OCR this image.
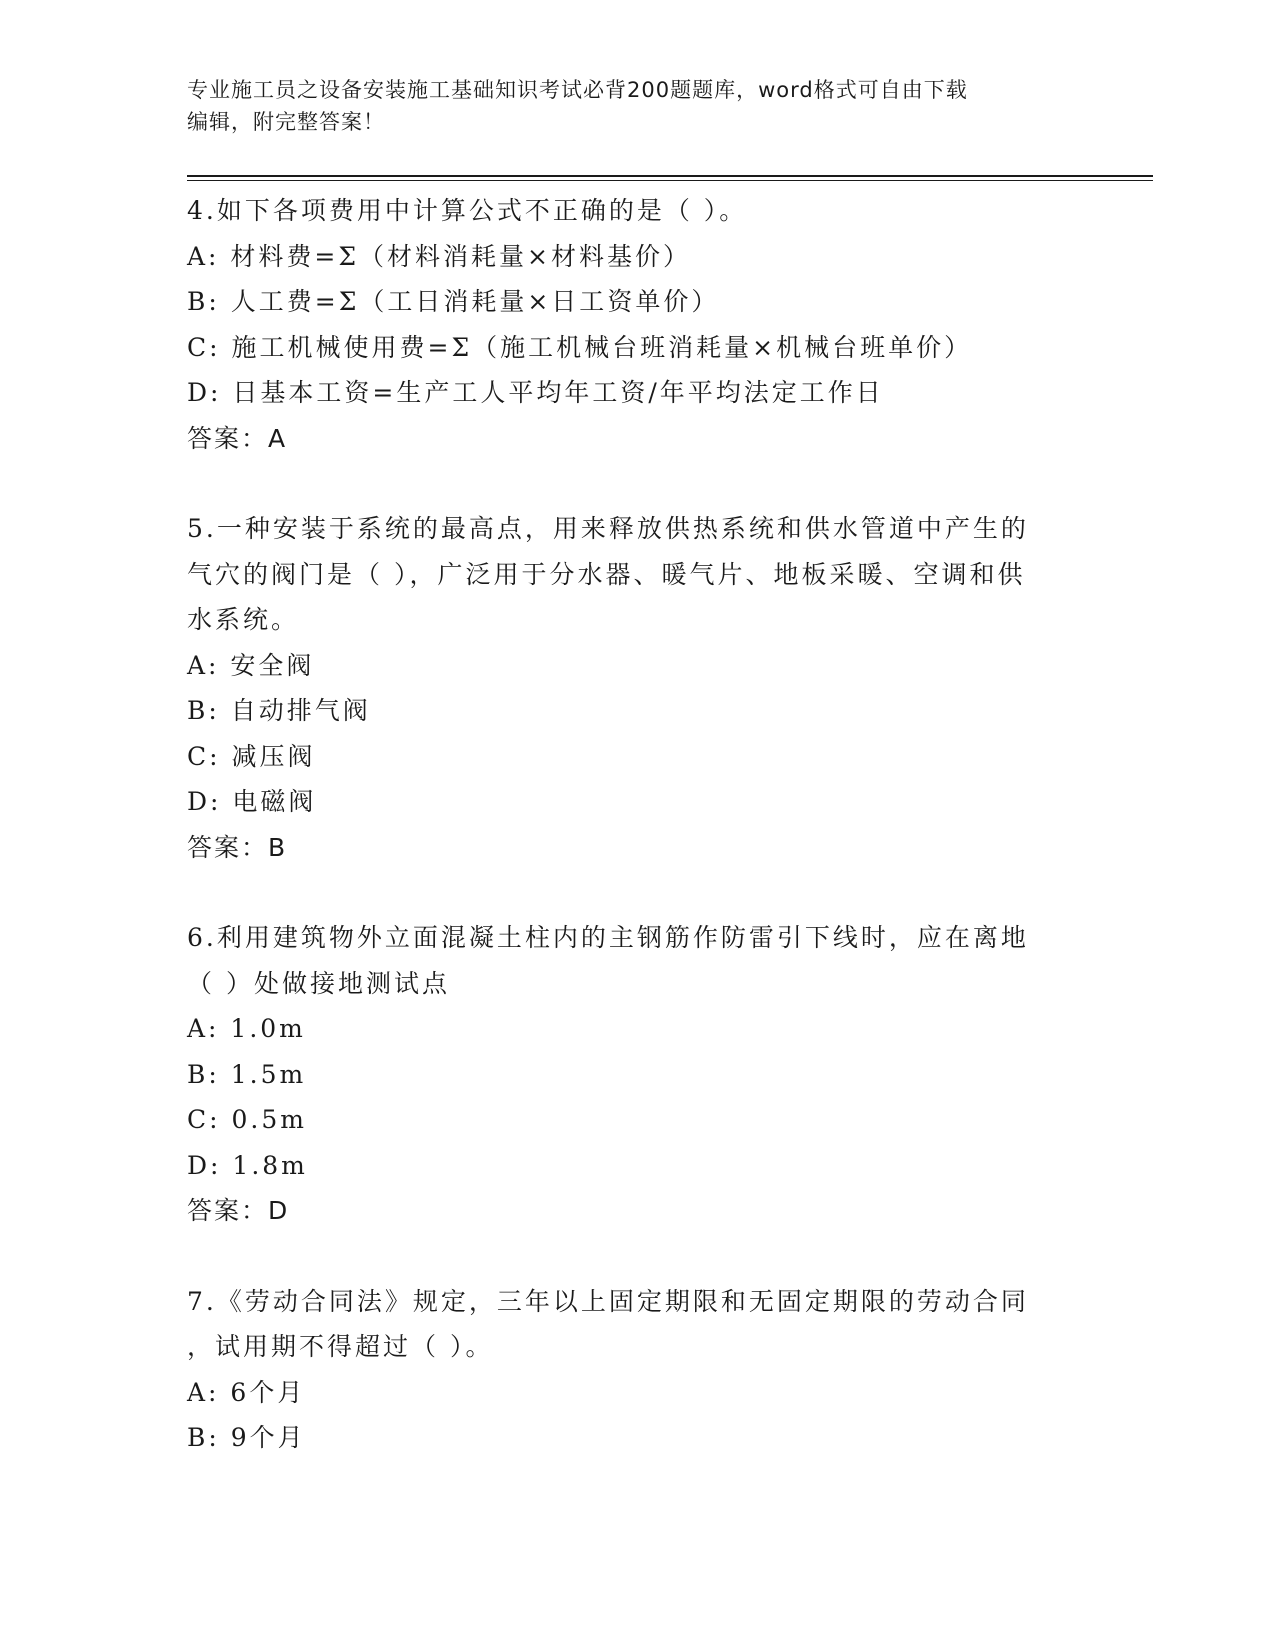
专业施工员之设备安装施工基础知识考试必背200题题库，word格式可自由下载
编辑，附完整答案！
4.如下各项费用中计算公式不正确的是（ ）。
A: 材料费=Σ（材料消耗量×材料基价）
B: 人工费=Σ（工日消耗量×日工资单价）
C: 施工机械使用费=Σ（施工机械台班消耗量×机械台班单价）
D: 日基本工资=生产工人平均年工资/年平均法定工作日
答案：A
5.一种安装于系统的最高点，用来释放供热系统和供水管道中产生的
气穴的阀门是（ ），广泛用于分水器、暖气片、地板采暖、空调和供
水系统。
A: 安全阀
B: 自动排气阀
C: 减压阀
D: 电磁阀
答案：B
6.利用建筑物外立面混凝土柱内的主钢筋作防雷引下线时，应在离地
（ ）处做接地测试点
A: 1.0m
B: 1.5m
C: 0.5m
D: 1.8m
答案：D
7.《劳动合同法》规定，三年以上固定期限和无固定期限的劳动合同
，试用期不得超过（ ）。
A: 6个月
B: 9个月
